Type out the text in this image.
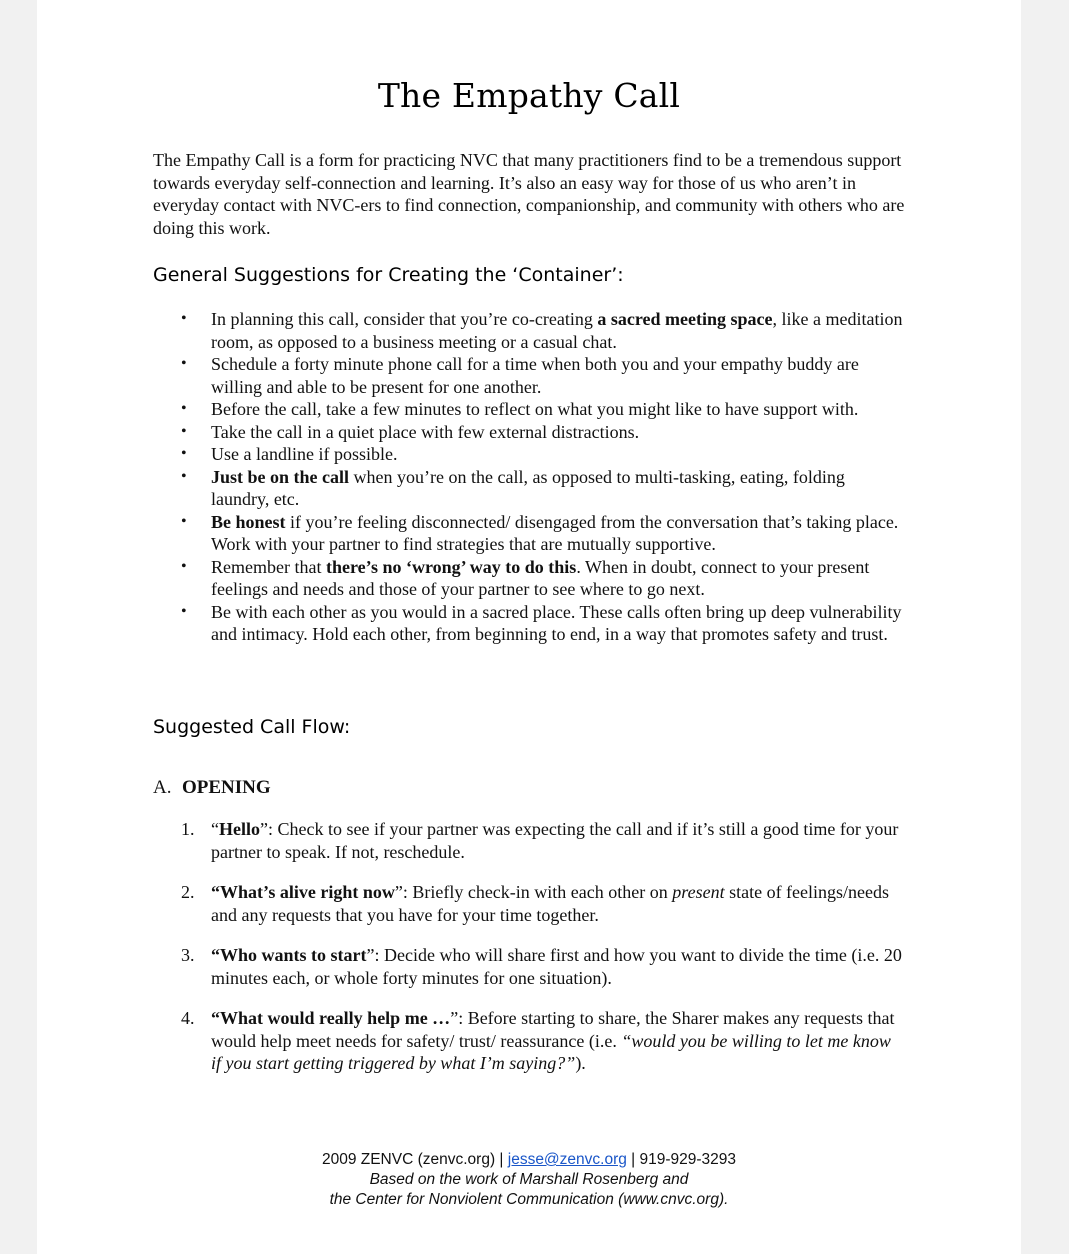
The Empathy Call

The Empathy Call is a form for practicing NVC that many practitioners find to be a tremendous support towards everyday self-connection and learning. It’s also an easy way for those of us who aren’t in everyday contact with NVC-ers to find connection, companionship, and community with others who are doing this work.

General Suggestions for Creating the ‘Container’:
•	In planning this call, consider that you’re co-creating a sacred meeting space, like a meditation room, as opposed to a business meeting or a casual chat.
•	Schedule a forty minute phone call for a time when both you and your empathy buddy are willing and able to be present for one another.
•	Before the call, take a few minutes to reflect on what you might like to have support with.
•	Take the call in a quiet place with few external distractions.
•	Use a landline if possible.
•	Just be on the call when you’re on the call, as opposed to multi-tasking, eating, folding laundry, etc.
•	Be honest if you’re feeling disconnected/ disengaged from the conversation that’s taking place. Work with your partner to find strategies that are mutually supportive.
•	Remember that there’s no ‘wrong’ way to do this. When in doubt, connect to your present feelings and needs and those of your partner to see where to go next.
•	Be with each other as you would in a sacred place. These calls often bring up deep vulnerability and intimacy. Hold each other, from beginning to end, in a way that promotes safety and trust.
Suggested Call Flow:

A. OPENING

1. “Hello”: Check to see if your partner was expecting the call and if it’s still a good time for your partner to speak. If not, reschedule.
2. “What’s alive right now”: Briefly check-in with each other on present state of feelings/needs and any requests that you have for your time together.
3. “Who wants to start”: Decide who will share first and how you want to divide the time (i.e. 20 minutes each, or whole forty minutes for one situation).
4. “What would really help me …”: Before starting to share, the Sharer makes any requests that would help meet needs for safety/ trust/ reassurance (i.e. “would you be willing to let me know if you start getting triggered by what I’m saying?”).
2009 ZENVC (zenvc.org) | jesse@zenvc.org | 919-929-3293
Based on the work of Marshall Rosenberg and
the Center for Nonviolent Communication (www.cnvc.org).
